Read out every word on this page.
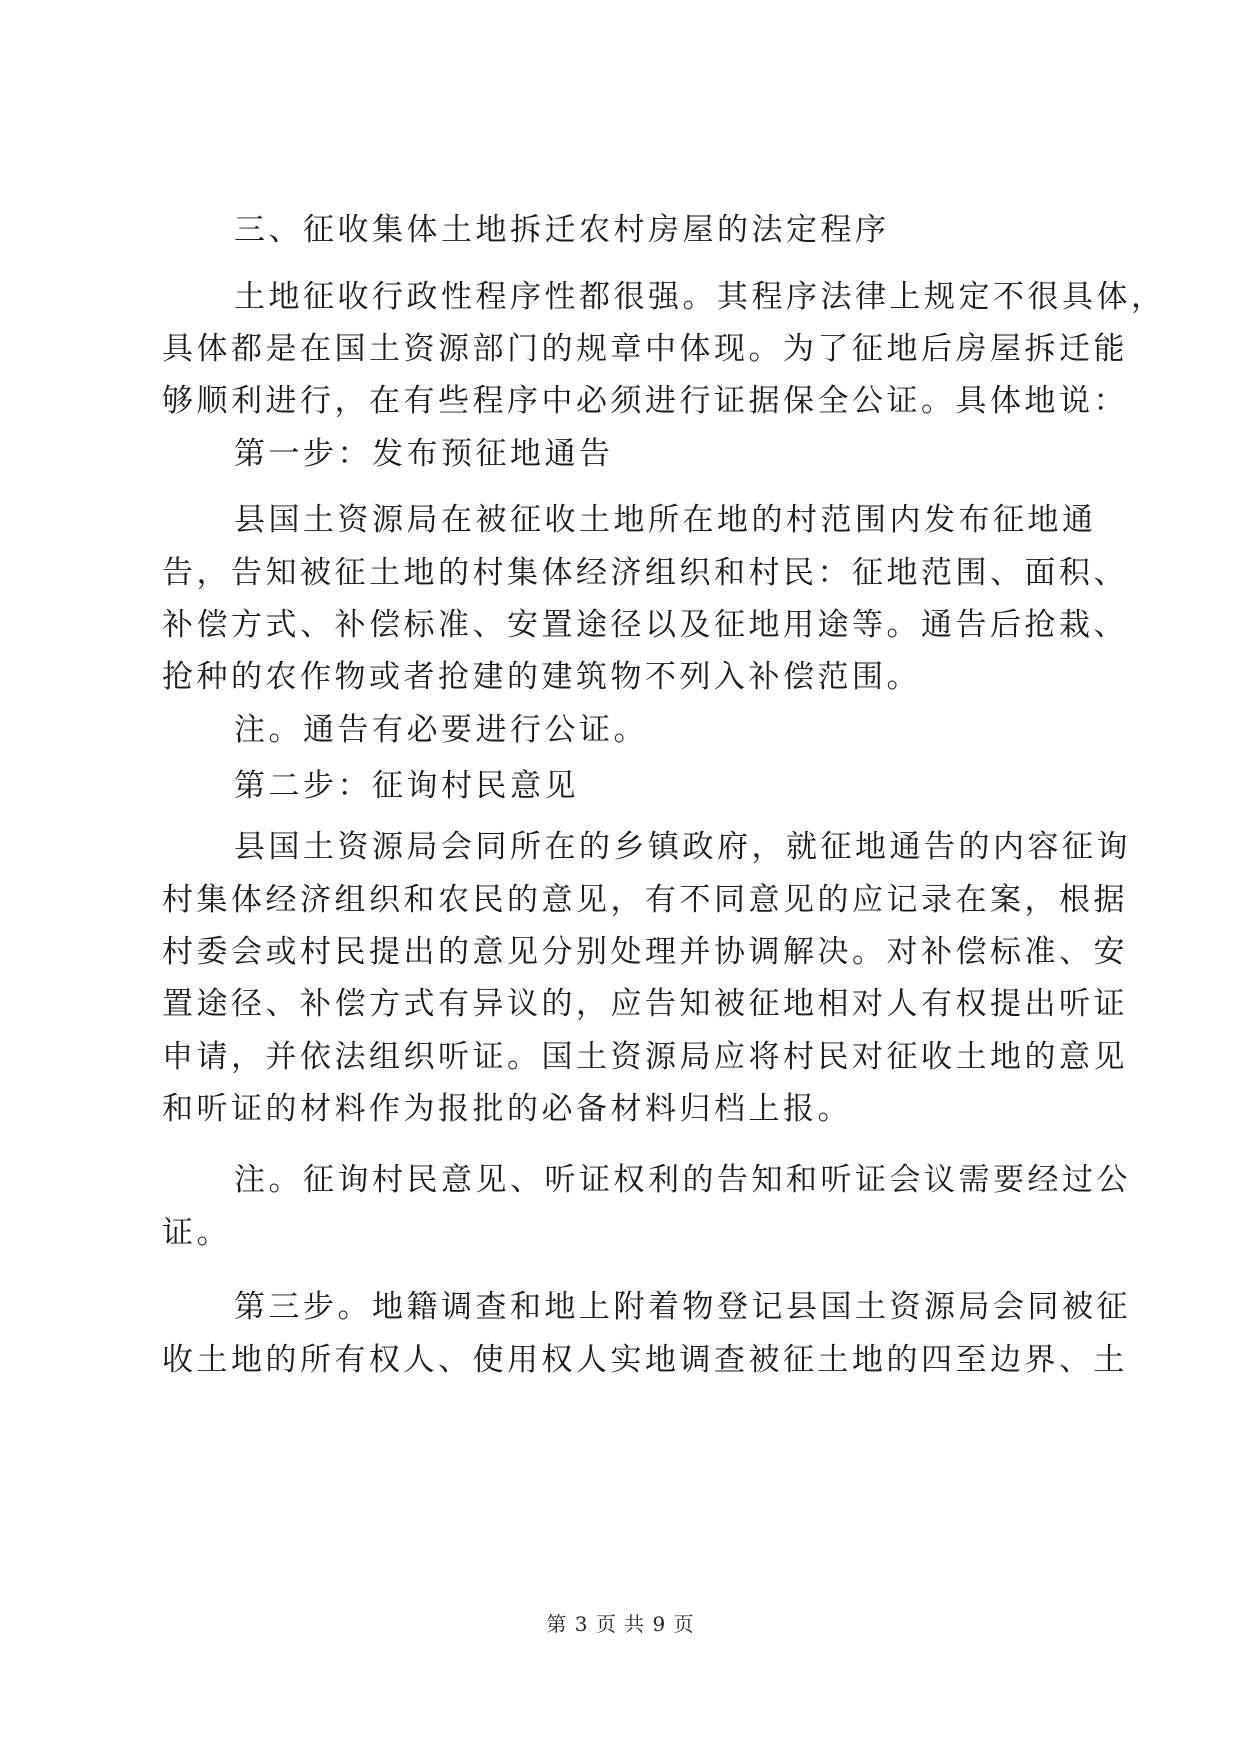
三、征收集体土地拆迁农村房屋的法定程序
土地征收行政性程序性都很强。其程序法律上规定不很具体，
具体都是在国土资源部门的规章中体现。为了征地后房屋拆迁能
够顺利进行，在有些程序中必须进行证据保全公证。具体地说：
第一步：发布预征地通告
县国土资源局在被征收土地所在地的村范围内发布征地通
告，告知被征土地的村集体经济组织和村民：征地范围、面积、
补偿方式、补偿标准、安置途径以及征地用途等。通告后抢栽、
抢种的农作物或者抢建的建筑物不列入补偿范围。
注。通告有必要进行公证。
第二步：征询村民意见
县国土资源局会同所在的乡镇政府，就征地通告的内容征询
村集体经济组织和农民的意见，有不同意见的应记录在案，根据
村委会或村民提出的意见分别处理并协调解决。对补偿标准、安
置途径、补偿方式有异议的，应告知被征地相对人有权提出听证
申请，并依法组织听证。国土资源局应将村民对征收土地的意见
和听证的材料作为报批的必备材料归档上报。
注。征询村民意见、听证权利的告知和听证会议需要经过公
证。
第三步。地籍调查和地上附着物登记县国土资源局会同被征
收土地的所有权人、使用权人实地调查被征土地的四至边界、土
第 3 页 共 9 页
